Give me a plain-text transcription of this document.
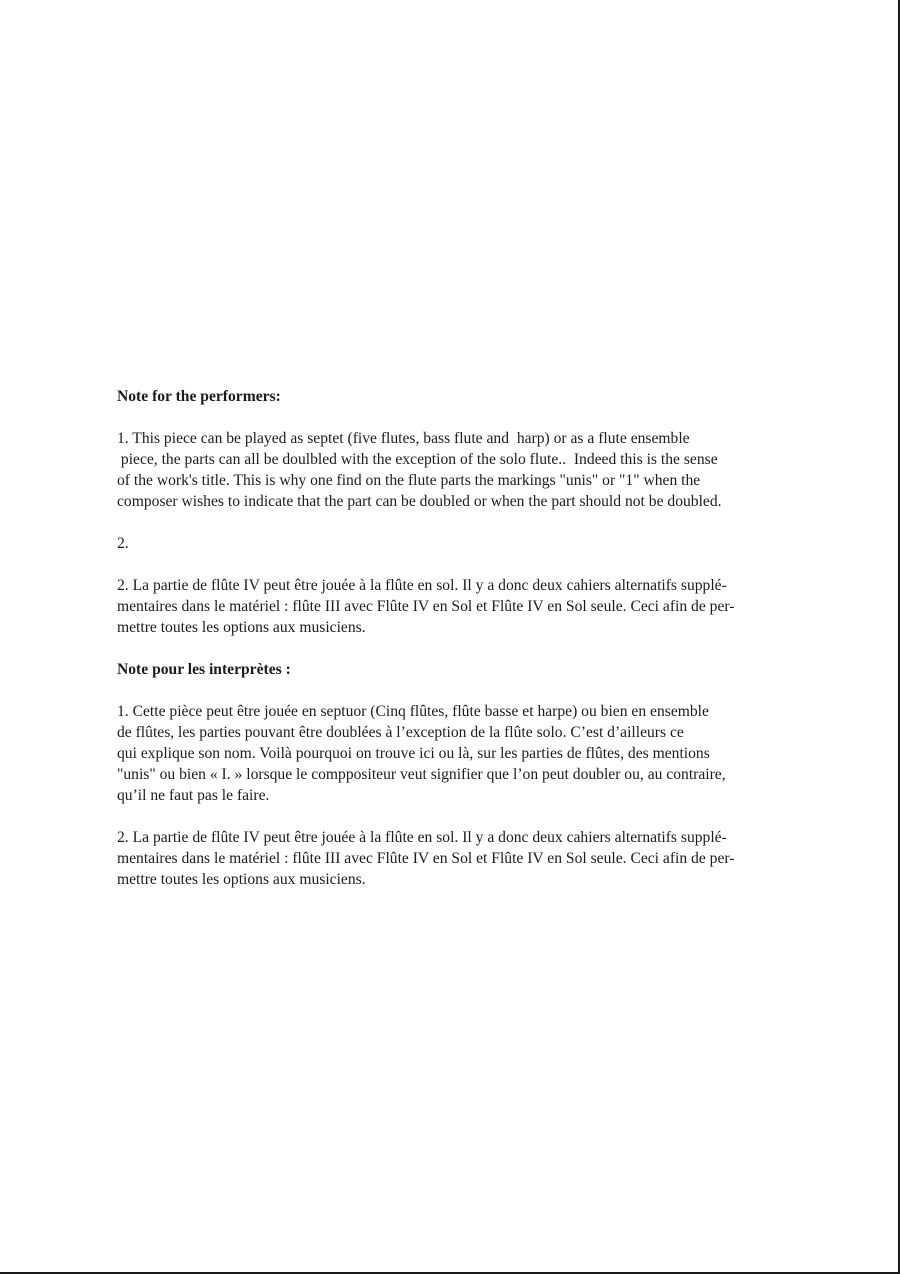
Note for the performers:

1. This piece can be played as septet (five flutes, bass flute and  harp) or as a flute ensemble
piece, the parts can all be doulbled with the exception of the solo flute..  Indeed this is the sense
of the work's title. This is why one find on the flute parts the markings "unis" or "1" when the
composer wishes to indicate that the part can be doubled or when the part should not be doubled.

2.

2. La partie de flûte IV peut être jouée à la flûte en sol. Il y a donc deux cahiers alternatifs supplé-
mentaires dans le matériel : flûte III avec Flûte IV en Sol et Flûte IV en Sol seule. Ceci afin de per-
mettre toutes les options aux musiciens.

Note pour les interprètes :

1. Cette pièce peut être jouée en septuor (Cinq flûtes, flûte basse et harpe) ou bien en ensemble
de flûtes, les parties pouvant être doublées à l’exception de la flûte solo. C’est d’ailleurs ce
qui explique son nom. Voilà pourquoi on trouve ici ou là, sur les parties de flûtes, des mentions
"unis" ou bien « I. » lorsque le comppositeur veut signifier que l’on peut doubler ou, au contraire,
qu’il ne faut pas le faire.

2. La partie de flûte IV peut être jouée à la flûte en sol. Il y a donc deux cahiers alternatifs supplé-
mentaires dans le matériel : flûte III avec Flûte IV en Sol et Flûte IV en Sol seule. Ceci afin de per-
mettre toutes les options aux musiciens.
